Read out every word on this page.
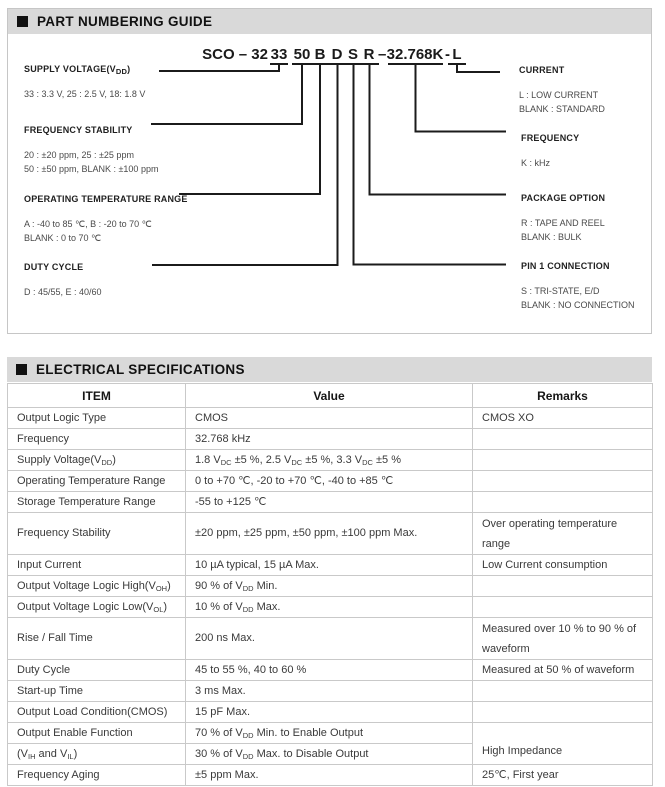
PART NUMBERING GUIDE
SCO – 32 33 50 B D S R – 32.768K - L
SUPPLY $VOLTAGE(V_{DD})$
33 : 3.3 V, 25 : 2.5 V, 18: 1.8 V
FREQUENCY STABILITY
20 : ±20 ppm, 25 : ±25 ppm
50 : ±50 ppm, BLANK : ±100 ppm
OPERATING TEMPERATURE RANGE
A : -40 to 85 ℃, B : -20 to 70 ℃
BLANK : 0 to 70 ℃
DUTY CYCLE
D : 45/55, E : 40/60
CURRENT
L : LOW CURRENT
BLANK : STANDARD
FREQUENCY
K : kHz
PACKAGE OPTION
R : TAPE AND REEL
BLANK : BULK
PIN 1 CONNECTION
S : TRI-STATE, E/D
BLANK : NO CONNECTION
ELECTRICAL SPECIFICATIONS
ITEM	Value	Remarks
Output Logic Type	CMOS	CMOS XO
Frequency	32.768 kHz	
Supply $Voltage(V_{DD})$	1.8 $V_{DC} \pm 5$ %, 2.5 $V_{DC} \pm 5$ %, 3.3 $V_{DC} \pm 5$ %	
Operating Temperature Range	0 to +70 ℃, -20 to +70 ℃, -40 to +85 ℃	
Storage Temperature Range	-55 to +125 ℃	
Frequency Stability	±20 ppm, ±25 ppm, ±50 ppm, ±100 ppm Max.	Over operating temperature range
Input Current	10 µA typical, 15 µA Max.	Low Current consumption
Output Voltage Logic $High(V_{OH})$	90 % of $V_{DD}$ Min.	
Output Voltage Logic $Low(V_{OL})$	10 % of $V_{DD}$ Max.	
Rise / Fall Time	200 ns Max.	Measured over 10 % to 90 % of waveform
Duty Cycle	45 to 55 %, 40 to 60 %	Measured at 50 % of waveform
Start-up Time	3 ms Max.	
Output Load Condition(CMOS)	15 pF Max.	
Output Enable Function	70 % of $V_{DD}$ Min. to Enable Output	High Impedance
($V_{IH}$ and $V_{IL}$)	30 % of $V_{DD}$ Max. to Disable Output	
Frequency Aging	±5 ppm Max.	25℃, First year
